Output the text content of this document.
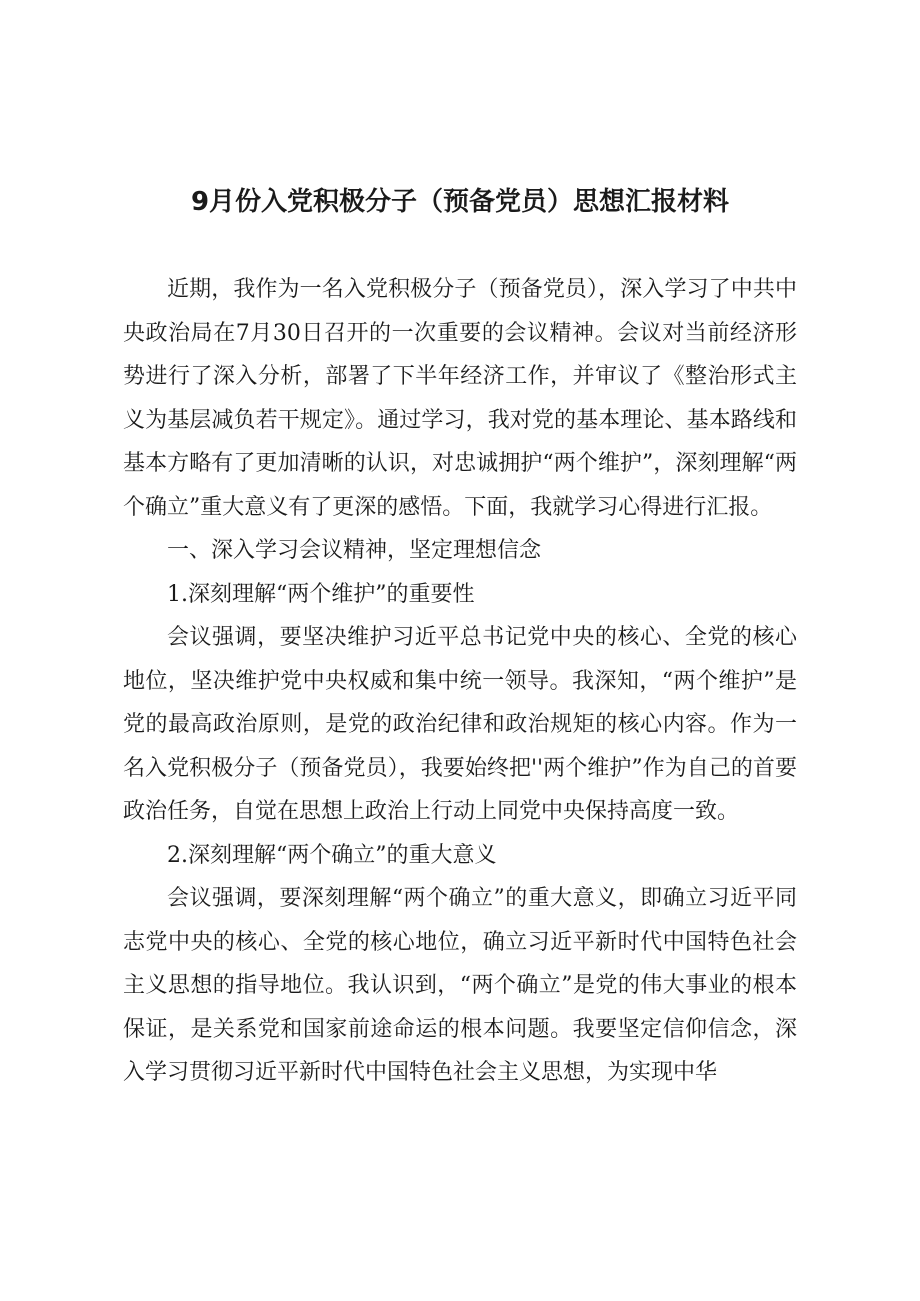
9月份入党积极分子（预备党员）思想汇报材料

近期，我作为一名入党积极分子（预备党员），深入学习了中共中央政治局在7月30日召开的一次重要的会议精神。会议对当前经济形势进行了深入分析，部署了下半年经济工作，并审议了《整治形式主义为基层减负若干规定》。通过学习，我对党的基本理论、基本路线和基本方略有了更加清晰的认识，对忠诚拥护“两个维护”，深刻理解“两个确立”重大意义有了更深的感悟。下面，我就学习心得进行汇报。

一、深入学习会议精神，坚定理想信念

1.深刻理解“两个维护”的重要性

会议强调，要坚决维护习近平总书记党中央的核心、全党的核心地位，坚决维护党中央权威和集中统一领导。我深知，“两个维护”是党的最高政治原则，是党的政治纪律和政治规矩的核心内容。作为一名入党积极分子（预备党员），我要始终把''两个维护”作为自己的首要政治任务，自觉在思想上政治上行动上同党中央保持高度一致。

2.深刻理解“两个确立”的重大意义

会议强调，要深刻理解“两个确立”的重大意义，即确立习近平同志党中央的核心、全党的核心地位，确立习近平新时代中国特色社会主义思想的指导地位。我认识到，“两个确立”是党的伟大事业的根本保证，是关系党和国家前途命运的根本问题。我要坚定信仰信念，深入学习贯彻习近平新时代中国特色社会主义思想，为实现中华
